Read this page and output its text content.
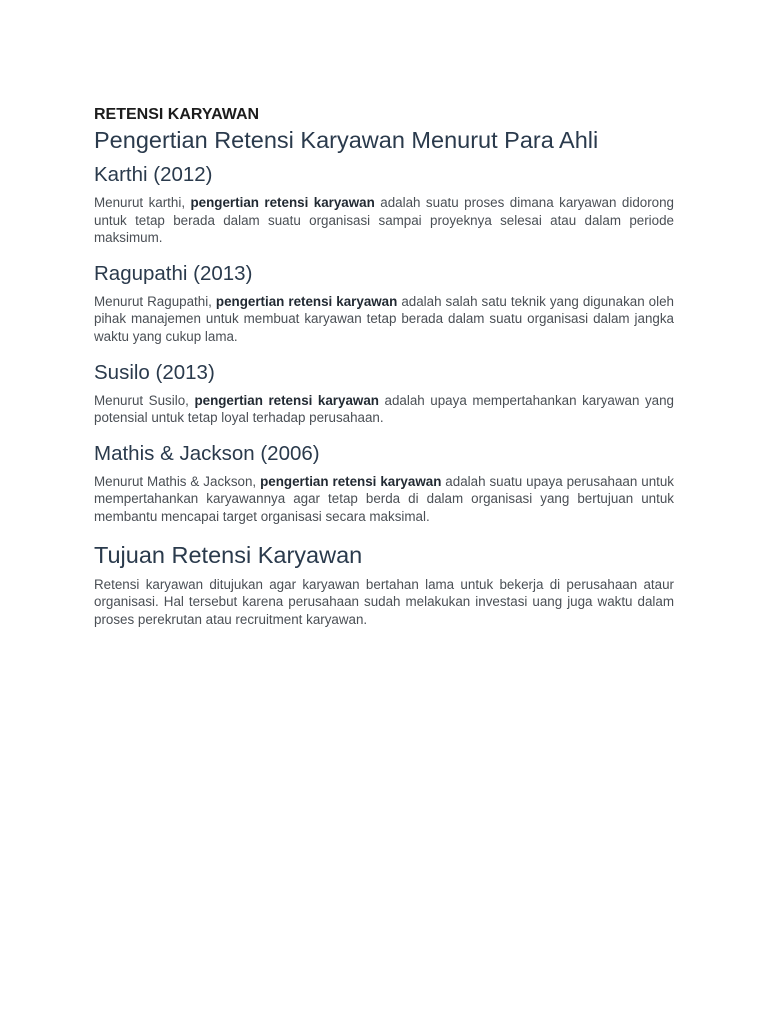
RETENSI KARYAWAN
Pengertian Retensi Karyawan Menurut Para Ahli
Karthi (2012)

Menurut karthi, pengertian retensi karyawan adalah suatu proses dimana karyawan didorong untuk tetap berada dalam suatu organisasi sampai proyeknya selesai atau dalam periode maksimum.

Ragupathi (2013)

Menurut Ragupathi, pengertian retensi karyawan adalah salah satu teknik yang digunakan oleh pihak manajemen untuk membuat karyawan tetap berada dalam suatu organisasi dalam jangka waktu yang cukup lama.

Susilo (2013)

Menurut Susilo, pengertian retensi karyawan adalah upaya mempertahankan karyawan yang potensial untuk tetap loyal terhadap perusahaan.

Mathis & Jackson (2006)

Menurut Mathis & Jackson, pengertian retensi karyawan adalah suatu upaya perusahaan untuk mempertahankan karyawannya agar tetap berda di dalam organisasi yang bertujuan untuk membantu mencapai target organisasi secara maksimal.

Tujuan Retensi Karyawan

Retensi karyawan ditujukan agar karyawan bertahan lama untuk bekerja di perusahaan ataur organisasi. Hal tersebut karena perusahaan sudah melakukan investasi uang juga waktu dalam proses perekrutan atau recruitment karyawan.
